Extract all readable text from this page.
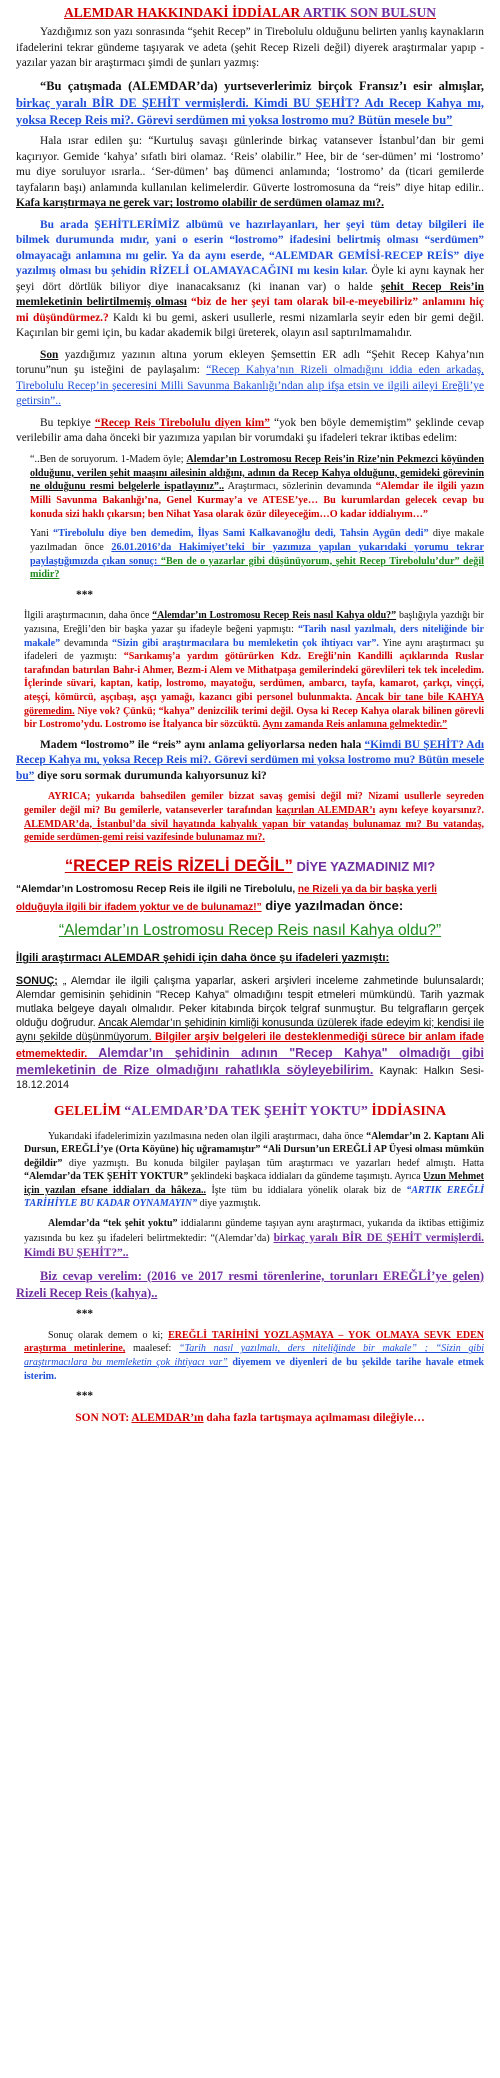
ALEMDAR HAKKINDAKİ İDDİALAR ARTIK SON BULSUN

Yazdığımız son yazı sonrasında “şehit Recep” in Tirebolulu olduğunu belirten yanlış kaynakların ifadelerini tekrar gündeme taşıyarak ve adeta (şehit Recep Rizeli değil) diyerek araştırmalar yapıp - yazılar yazan bir araştırmacı şimdi de şunları yazmış:

“Bu çatışmada (ALEMDAR’da) yurtseverlerimiz birçok Fransız’ı esir almışlar, birkaç yaralı BİR DE ŞEHİT vermişlerdi. Kimdi BU ŞEHİT? Adı Recep Kahya mı, yoksa Recep Reis mi?. Görevi serdümen mi yoksa lostromo mu? Bütün mesele bu”

Hala ısrar edilen şu: “Kurtuluş savaşı günlerinde birkaç vatansever İstanbul’dan bir gemi kaçırıyor. Gemide ‘kahya’ sıfatlı biri olamaz. ‘Reis’ olabilir.” Hee, bir de ‘ser-dümen’ mi ‘lostromo’ mu diye soruluyor ısrarla.. ‘Ser-dümen’ baş dümenci anlamında; ‘lostromo’ da (ticari gemilerde tayfaların başı) anlamında kullanılan kelimelerdir. Güverte lostromosuna da “reis” diye hitap edilir.. Kafa karıştırmaya ne gerek var; lostromo olabilir de serdümen olamaz mı?.

Bu arada ŞEHİTLERİMİZ albümü ve hazırlayanları, her şeyi tüm detay bilgileri ile bilmek durumunda mıdır, yani o eserin “lostromo” ifadesini belirtmiş olması “serdümen” olmayacağı anlamına mı gelir. Ya da aynı eserde, “ALEMDAR GEMİSİ-RECEP REİS” diye yazılmış olması bu şehidin RİZELİ OLAMAYACAĞINI mı kesin kılar. Öyle ki aynı kaynak her şeyi dört dörtlük biliyor diye inanacaksanız (ki inanan var) o halde şehit Recep Reis’in memleketinin belirtilmemiş olması “biz de her şeyi tam olarak bil-e-meyebiliriz” anlamını hiç mi düşündürmez.? Kaldı ki bu gemi, askeri usullerle, resmi nizamlarla seyir eden bir gemi değil. Kaçırılan bir gemi için, bu kadar akademik bilgi üreterek, olayın asıl saptırılmamalıdır.

Son yazdığımız yazının altına yorum ekleyen Şemsettin ER adlı “Şehit Recep Kahya’nın torunu”nun şu isteğini de paylaşalım: “Recep Kahya’nın Rizeli olmadığını iddia eden arkadaş, Tirebolulu Recep’in şeceresini Milli Savunma Bakanlığı’ndan alıp ifşa etsin ve ilgili aileyi Ereğli’ye getirsin”..

Bu tepkiye “Recep Reis Tirebolulu diyen kim” “yok ben böyle dememiştim” şeklinde cevap verilebilir ama daha önceki bir yazımıza yapılan bir vorumdaki şu ifadeleri tekrar iktibas edelim:

“..Ben de soruyorum. 1-Madem öyle; Alemdar’ın Lostromosu Recep Reis’in Rize’nin Pekmezci köyünden olduğunu, verilen şehit maaşını ailesinin aldığını, adının da Recep Kahya olduğunu, gemideki görevinin ne olduğunu resmi belgelerle ispatlayınız”.. Araştırmacı, sözlerinin devamında “Alemdar ile ilgili yazın Milli Savunma Bakanlığı’na, Genel Kurmay’a ve ATESE’ye… Bu kurumlardan gelecek cevap bu konuda sizi haklı çıkarsın; ben Nihat Yasa olarak özür dileyeceğim…O kadar iddialıyım…”

Yani “Tirebolulu diye ben demedim, İlyas Sami Kalkavanoğlu dedi, Tahsin Aygün dedi” diye makale yazılmadan önce 26.01.2016’da Hakimiyet’teki bir yazımıza yapılan yukarıdaki yorumu tekrar paylaştığımızda çıkan sonuç: “Ben de o yazarlar gibi düşünüyorum, şehit Recep Tirebolulu’dur” değil midir?

***

İlgili araştırmacının, daha önce “Alemdar’ın Lostromosu Recep Reis nasıl Kahya oldu?” başlığıyla yazdığı bir yazısına, Ereğli’den bir başka yazar şu ifadeyle beğeni yapmıştı: “Tarih nasıl yazılmalı, ders niteliğinde bir makale” devamında “Sizin gibi araştırmacılara bu memleketin çok ihtiyacı var”. Yine aynı araştırmacı şu ifadeleri de yazmıştı: “Sarıkamış’a yardım götürürken Kdz. Ereğli’nin Kandilli açıklarında Ruslar tarafından batırılan Bahr-i Ahmer, Bezm-i Alem ve Mithatpaşa gemilerindeki görevlileri tek tek inceledim. İçlerinde süvari, kaptan, katip, lostromo, mayatoğu, serdümen, ambarcı, tayfa, kamarot, çarkçı, vinççi, ateşçi, kömürcü, aşçıbaşı, aşçı yamağı, kazancı gibi personel bulunmakta. Ancak bir tane bile KAHYA göremedim. Niye vok? Çünkü; “kahya” denizcilik terimi değil. Oysa ki Recep Kahya olarak bilinen görevli bir Lostromo’ydu. Lostromo ise İtalyanca bir sözcüktü. Aynı zamanda Reis anlamına gelmektedir.”

Madem “lostromo” ile “reis” aynı anlama geliyorlarsa neden hala “Kimdi BU ŞEHİT? Adı Recep Kahya mı, yoksa Recep Reis mi?. Görevi serdümen mi yoksa lostromo mu? Bütün mesele bu” diye soru sormak durumunda kalıyorsunuz ki?

AYRICA; yukarıda bahsedilen gemiler bizzat savaş gemisi değil mi? Nizami usullerle seyreden gemiler değil mi? Bu gemilerle, vatanseverler tarafından kaçırılan ALEMDAR’ı aynı kefeye koyarsınız?. ALEMDAR’da, İstanbul’da sivil hayatında kahyalık yapan bir vatandaş bulunamaz mı? Bu vatandaş, gemide serdümen-gemi reisi vazifesinde bulunamaz mı?.

“RECEP REİS RİZELİ DEĞİL” DİYE YAZMADINIZ MI?

“Alemdar’ın Lostromosu Recep Reis ile ilgili ne Tirebolulu, ne Rizeli ya da bir başka yerli olduğuyla ilgili bir ifadem yoktur ve de bulunamaz!” diye yazılmadan önce:

“Alemdar’ın Lostromosu Recep Reis nasıl Kahya oldu?”
İlgili araştırmacı ALEMDAR şehidi için daha önce şu ifadeleri yazmıştı:

SONUÇ; „ Alemdar ile ilgili çalışma yaparlar, askeri arşivleri inceleme zahmetinde bulunsalardı; Alemdar gemisinin şehidinin "Recep Kahya" olmadığını tespit etmeleri mümkündü. Tarih yazmak mutlaka belgeye dayalı olmalıdır. Peker kitabında birçok telgraf sunmuştur. Bu telgrafların gerçek olduğu doğrudur. Ancak Alemdar’ın şehidinin kimliği konusunda üzülerek ifade edeyim ki; kendisi ile aynı şekilde düşünmüyorum. Bilgiler arşiv belgeleri ile desteklenmediği sürece bir anlam ifade etmemektedir. Alemdar’ın şehidinin adının "Recep Kahya" olmadığı gibi memleketinin de Rize olmadığını rahatlıkla söyleyebilirim. Kaynak: Halkın Sesi- 18.12.2014

GELELİM “ALEMDAR’DA TEK ŞEHİT YOKTU” İDDİASINA

Yukarıdaki ifadelerimizin yazılmasına neden olan ilgili araştırmacı, daha önce “Alemdar’ın 2. Kaptanı Ali Dursun, EREĞLİ’ye (Orta Köyüne) hiç uğramamıştır” “Ali Dursun’un EREĞLİ AP Üyesi olması mümkün değildir” diye yazmıştı. Bu konuda bilgiler paylaşan tüm araştırmacı ve yazarları hedef almıştı. Hatta “Alemdar’da TEK ŞEHİT YOKTUR” şeklindeki başkaca iddiaları da gündeme taşımıştı. Ayrıca Uzun Mehmet için yazılan efsane iddiaları da hâkeza.. İşte tüm bu iddialara yönelik olarak biz de “ARTIK EREĞLİ TARİHİYLE BU KADAR OYNAMAYIN” diye yazmıştık.

Alemdar’da “tek şehit yoktu” iddialarını gündeme taşıyan aynı araştırmacı, yukarıda da iktibas ettiğimiz yazısında bu kez şu ifadeleri belirtmektedir: “(Alemdar’da) birkaç yaralı BİR DE ŞEHİT vermişlerdi. Kimdi BU ŞEHİT?”..

Biz cevap verelim: (2016 ve 2017 resmi törenlerine, torunları EREĞLİ’ye gelen) Rizeli Recep Reis (kahya)..

***

Sonuç olarak demem o ki; EREĞLİ TARİHİNİ YOZLAŞMAYA – YOK OLMAYA SEVK EDEN araştırma metinlerine, maalesef: “Tarih nasıl yazılmalı, ders niteliğinde bir makale” ; “Sizin gibi araştırmacılara bu memleketin çok ihtiyacı var” diyemem ve diyenleri de bu şekilde tarihe havale etmek isterim.

***

SON NOT: ALEMDAR’ın daha fazla tartışmaya açılmaması dileğiyle…
